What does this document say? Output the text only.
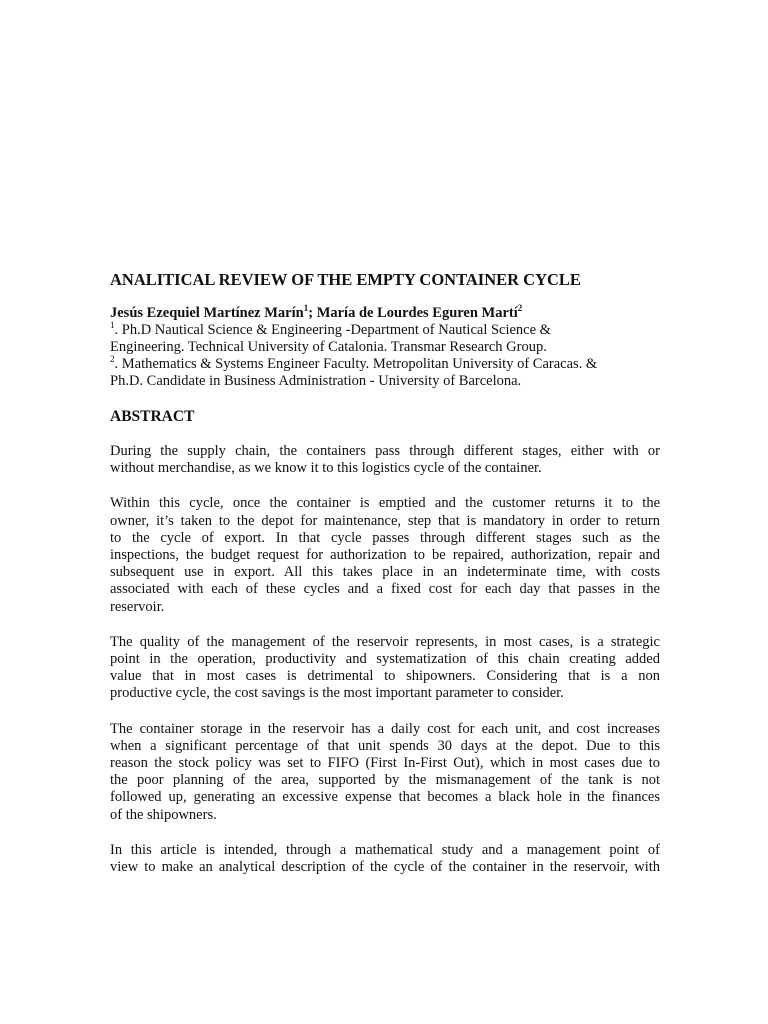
ANALITICAL REVIEW OF THE EMPTY CONTAINER CYCLE

Jesús Ezequiel Martínez Marín$^1$; María de Lourdes Eguren Martí$^2$

$^1$. Ph.D Nautical Science & Engineering -Department of Nautical Science &
Engineering. Technical University of Catalonia. Transmar Research Group.

$^2$. Mathematics & Systems Engineer Faculty. Metropolitan University of Caracas. &
Ph.D. Candidate in Business Administration - University of Barcelona.

ABSTRACT
During the supply chain, the containers pass through different stages, either with or
without merchandise, as we know it to this logistics cycle of the container.
Within this cycle, once the container is emptied and the customer returns it to the
owner, it’s taken to the depot for maintenance, step that is mandatory in order to return
to the cycle of export. In that cycle passes through different stages such as the
inspections, the budget request for authorization to be repaired, authorization, repair and
subsequent use in export. All this takes place in an indeterminate time, with costs
associated with each of these cycles and a fixed cost for each day that passes in the
reservoir.
The quality of the management of the reservoir represents, in most cases, is a strategic
point in the operation, productivity and systematization of this chain creating added
value that in most cases is detrimental to shipowners. Considering that is a non
productive cycle, the cost savings is the most important parameter to consider.
The container storage in the reservoir has a daily cost for each unit, and cost increases
when a significant percentage of that unit spends 30 days at the depot. Due to this
reason the stock policy was set to FIFO (First In-First Out), which in most cases due to
the poor planning of the area, supported by the mismanagement of the tank is not
followed up, generating an excessive expense that becomes a black hole in the finances
of the shipowners.
In this article is intended, through a mathematical study and a management point of
view to make an analytical description of the cycle of the container in the reservoir, with
